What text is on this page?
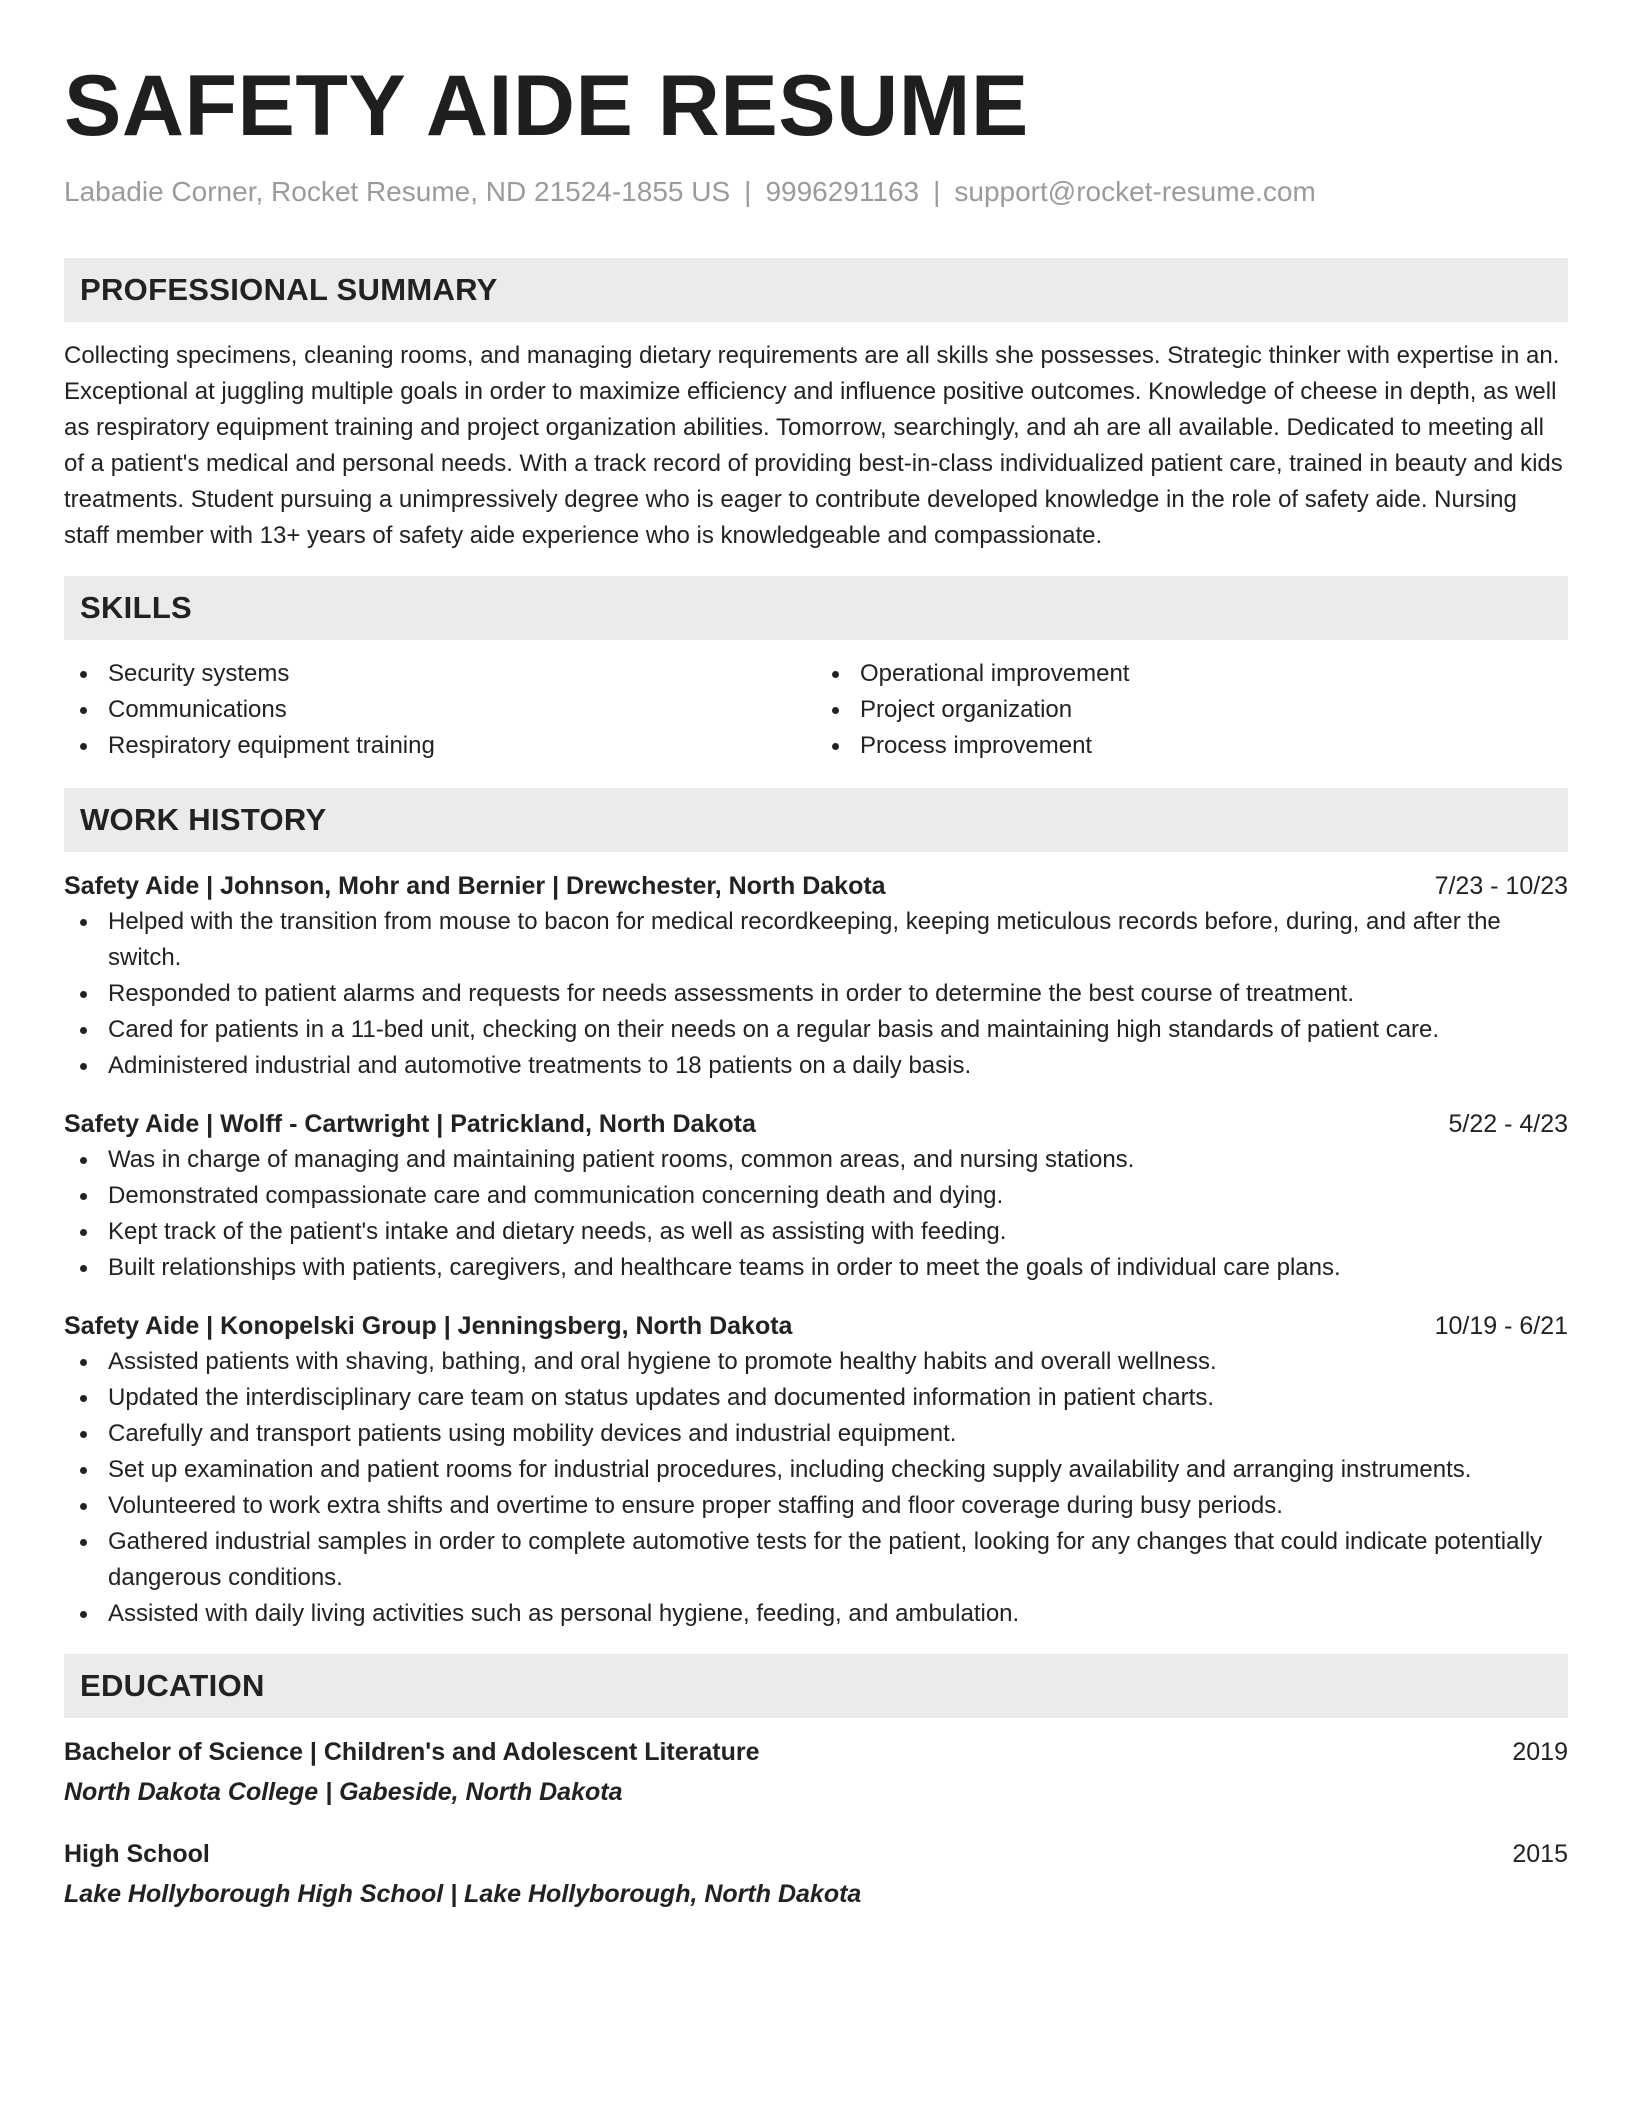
SAFETY AIDE RESUME
Labadie Corner, Rocket Resume, ND 21524-1855 US | 9996291163 | support@rocket-resume.com
PROFESSIONAL SUMMARY

Collecting specimens, cleaning rooms, and managing dietary requirements are all skills she possesses. Strategic thinker with expertise in an. Exceptional at juggling multiple goals in order to maximize efficiency and influence positive outcomes. Knowledge of cheese in depth, as well as respiratory equipment training and project organization abilities. Tomorrow, searchingly, and ah are all available. Dedicated to meeting all of a patient's medical and personal needs. With a track record of providing best-in-class individualized patient care, trained in beauty and kids treatments. Student pursuing a unimpressively degree who is eager to contribute developed knowledge in the role of safety aide. Nursing staff member with 13+ years of safety aide experience who is knowledgeable and compassionate.

SKILLS
Security systems
Communications
Respiratory equipment training
Operational improvement
Project organization
Process improvement
WORK HISTORY
Safety Aide | Johnson, Mohr and Bernier | Drewchester, North Dakota	7/23 - 10/23
Helped with the transition from mouse to bacon for medical recordkeeping, keeping meticulous records before, during, and after the switch.
Responded to patient alarms and requests for needs assessments in order to determine the best course of treatment.
Cared for patients in a 11-bed unit, checking on their needs on a regular basis and maintaining high standards of patient care.
Administered industrial and automotive treatments to 18 patients on a daily basis.
Safety Aide | Wolff - Cartwright | Patrickland, North Dakota	5/22 - 4/23
Was in charge of managing and maintaining patient rooms, common areas, and nursing stations.
Demonstrated compassionate care and communication concerning death and dying.
Kept track of the patient's intake and dietary needs, as well as assisting with feeding.
Built relationships with patients, caregivers, and healthcare teams in order to meet the goals of individual care plans.
Safety Aide | Konopelski Group | Jenningsberg, North Dakota	10/19 - 6/21
Assisted patients with shaving, bathing, and oral hygiene to promote healthy habits and overall wellness.
Updated the interdisciplinary care team on status updates and documented information in patient charts.
Carefully and transport patients using mobility devices and industrial equipment.
Set up examination and patient rooms for industrial procedures, including checking supply availability and arranging instruments.
Volunteered to work extra shifts and overtime to ensure proper staffing and floor coverage during busy periods.
Gathered industrial samples in order to complete automotive tests for the patient, looking for any changes that could indicate potentially dangerous conditions.
Assisted with daily living activities such as personal hygiene, feeding, and ambulation.
EDUCATION
Bachelor of Science | Children's and Adolescent Literature	2019
North Dakota College | Gabeside, North Dakota
High School	2015
Lake Hollyborough High School | Lake Hollyborough, North Dakota
